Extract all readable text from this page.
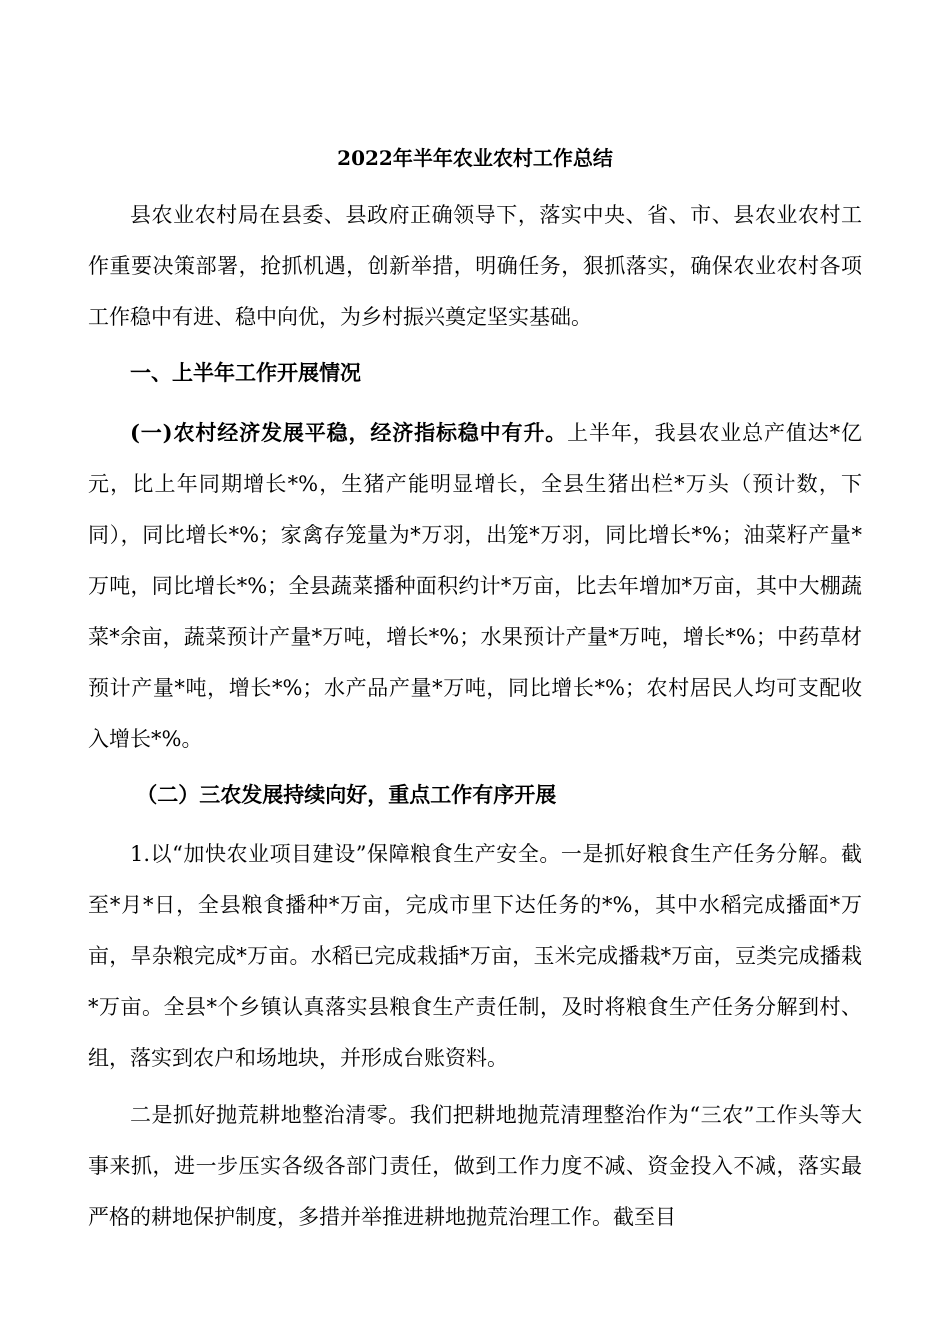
2022年半年农业农村工作总结

县农业农村局在县委、县政府正确领导下，落实中央、省、市、县农业农村工作重要决策部署，抢抓机遇，创新举措，明确任务，狠抓落实，确保农业农村各项工作稳中有进、稳中向优，为乡村振兴奠定坚实基础。

一、上半年工作开展情况

(一)农村经济发展平稳，经济指标稳中有升。上半年，我县农业总产值达*亿元，比上年同期增长*%，生猪产能明显增长，全县生猪出栏*万头（预计数，下同），同比增长*%；家禽存笼量为*万羽，出笼*万羽，同比增长*%；油菜籽产量*万吨，同比增长*%；全县蔬菜播种面积约计*万亩，比去年增加*万亩，其中大棚蔬菜*余亩，蔬菜预计产量*万吨，增长*%；水果预计产量*万吨，增长*%；中药草材预计产量*吨，增长*%；水产品产量*万吨，同比增长*%；农村居民人均可支配收入增长*%。

（二）三农发展持续向好，重点工作有序开展

1.以“加快农业项目建设”保障粮食生产安全。一是抓好粮食生产任务分解。截至*月*日，全县粮食播种*万亩，完成市里下达任务的*%，其中水稻完成播面*万亩，旱杂粮完成*万亩。水稻已完成栽插*万亩，玉米完成播栽*万亩，豆类完成播栽*万亩。全县*个乡镇认真落实县粮食生产责任制，及时将粮食生产任务分解到村、组，落实到农户和场地块，并形成台账资料。

二是抓好抛荒耕地整治清零。我们把耕地抛荒清理整治作为“三农”工作头等大事来抓，进一步压实各级各部门责任，做到工作力度不减、资金投入不减，落实最严格的耕地保护制度，多措并举推进耕地抛荒治理工作。截至目
